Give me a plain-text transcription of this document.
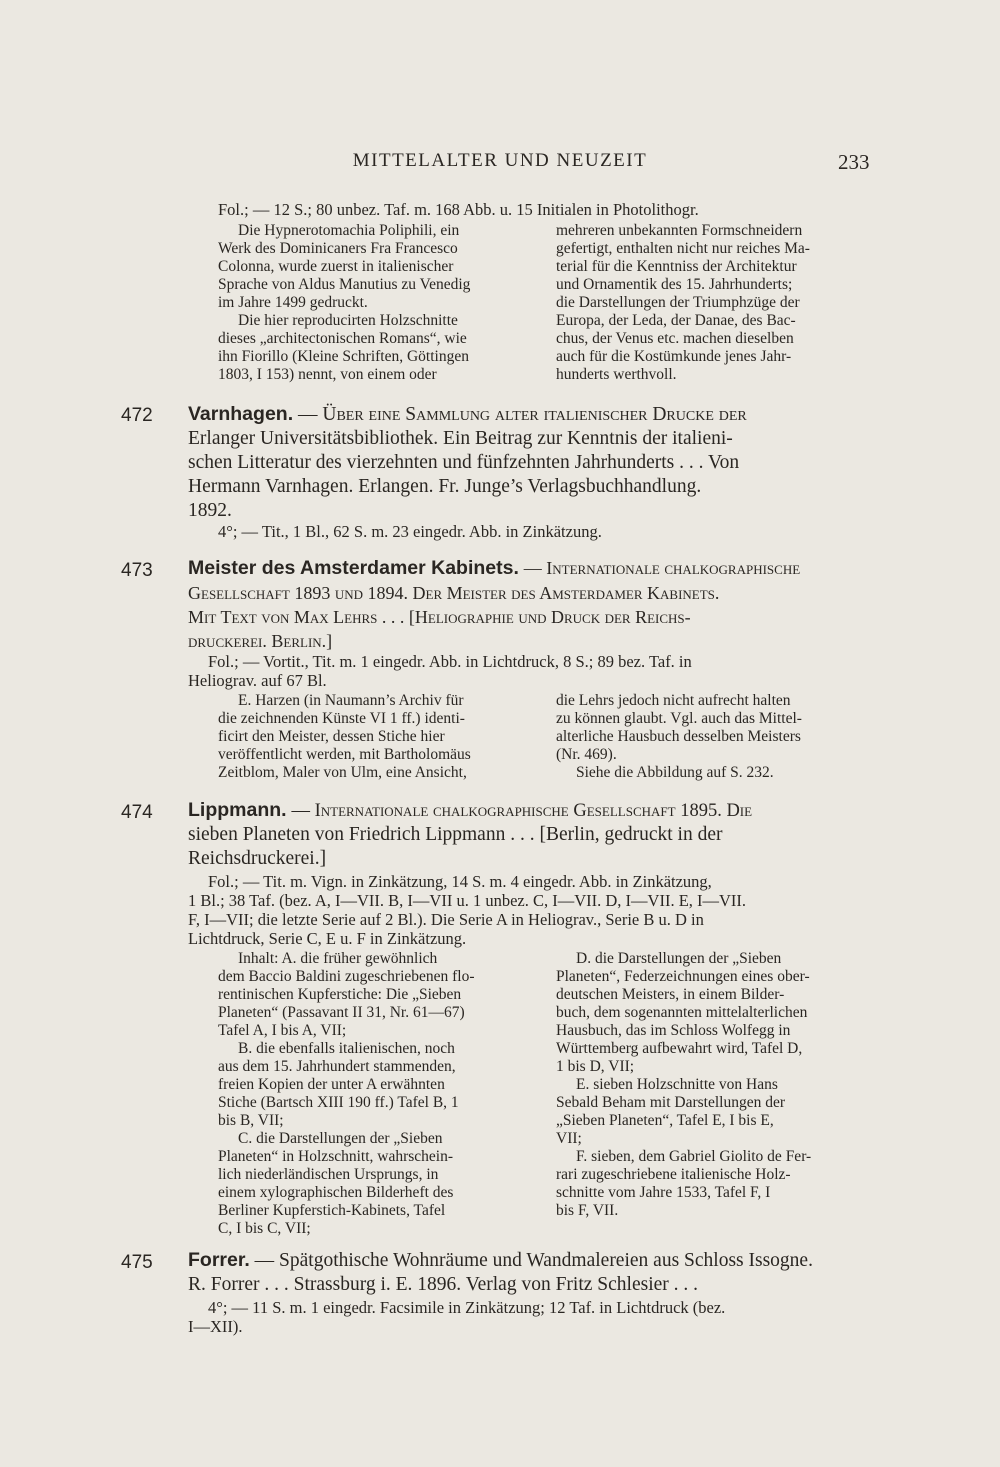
MITTELALTER UND NEUZEIT	233
Fol.; — 12 S.; 80 unbez. Taf. m. 168 Abb. u. 15 Initialen in Photolithogr.
Die Hypnerotomachia Poliphili, ein
Werk des Dominicaners Fra Francesco
Colonna, wurde zuerst in italienischer
Sprache von Aldus Manutius zu Venedig
im Jahre 1499 gedruckt.
Die hier reproducirten Holzschnitte
dieses „architectonischen Romans“, wie
ihn Fiorillo (Kleine Schriften, Göttingen
1803, I 153) nennt, von einem oder
mehreren unbekannten Formschneidern
gefertigt, enthalten nicht nur reiches Ma-
terial für die Kenntniss der Architektur
und Ornamentik des 15. Jahrhunderts;
die Darstellungen der Triumphzüge der
Europa, der Leda, der Danae, des Bac-
chus, der Venus etc. machen dieselben
auch für die Kostümkunde jenes Jahr-
hunderts werthvoll.
472 Varnhagen. — Über eine Sammlung alter italienischer Drucke der
Erlanger Universitätsbibliothek. Ein Beitrag zur Kenntnis der italieni-
schen Litteratur des vierzehnten und fünfzehnten Jahrhunderts . . . Von
Hermann Varnhagen. Erlangen. Fr. Junge’s Verlagsbuchhandlung.
1892.
4°; — Tit., 1 Bl., 62 S. m. 23 eingedr. Abb. in Zinkätzung.
473 Meister des Amsterdamer Kabinets. — Internationale chalkographische
Gesellschaft 1893 und 1894. Der Meister des Amsterdamer Kabinets.
Mit Text von Max Lehrs . . . [Heliographie und Druck der Reichs-
druckerei. Berlin.]
Fol.; — Vortit., Tit. m. 1 eingedr. Abb. in Lichtdruck, 8 S.; 89 bez. Taf. in
Heliograv. auf 67 Bl.
E. Harzen (in Naumann’s Archiv für
die zeichnenden Künste VI 1 ff.) identi-
ficirt den Meister, dessen Stiche hier
veröffentlicht werden, mit Bartholomäus
Zeitblom, Maler von Ulm, eine Ansicht,
die Lehrs jedoch nicht aufrecht halten
zu können glaubt. Vgl. auch das Mittel-
alterliche Hausbuch desselben Meisters
(Nr. 469).
Siehe die Abbildung auf S. 232.
474 Lippmann. — Internationale chalkographische Gesellschaft 1895. Die
sieben Planeten von Friedrich Lippmann . . . [Berlin, gedruckt in der
Reichsdruckerei.]
Fol.; — Tit. m. Vign. in Zinkätzung, 14 S. m. 4 eingedr. Abb. in Zinkätzung,
1 Bl.; 38 Taf. (bez. A, I—VII. B, I—VII u. 1 unbez. C, I—VII. D, I—VII. E, I—VII.
F, I—VII; die letzte Serie auf 2 Bl.). Die Serie A in Heliograv., Serie B u. D in
Lichtdruck, Serie C, E u. F in Zinkätzung.
Inhalt: A. die früher gewöhnlich
dem Baccio Baldini zugeschriebenen flo-
rentinischen Kupferstiche: Die „Sieben
Planeten“ (Passavant II 31, Nr. 61—67)
Tafel A, I bis A, VII;
B. die ebenfalls italienischen, noch
aus dem 15. Jahrhundert stammenden,
freien Kopien der unter A erwähnten
Stiche (Bartsch XIII 190 ff.) Tafel B, 1
bis B, VII;
C. die Darstellungen der „Sieben
Planeten“ in Holzschnitt, wahrschein-
lich niederländischen Ursprungs, in
einem xylographischen Bilderheft des
Berliner Kupferstich-Kabinets, Tafel
C, I bis C, VII;
D. die Darstellungen der „Sieben
Planeten“, Federzeichnungen eines ober-
deutschen Meisters, in einem Bilder-
buch, dem sogenannten mittelalterlichen
Hausbuch, das im Schloss Wolfegg in
Württemberg aufbewahrt wird, Tafel D,
1 bis D, VII;
E. sieben Holzschnitte von Hans
Sebald Beham mit Darstellungen der
„Sieben Planeten“, Tafel E, I bis E,
VII;
F. sieben, dem Gabriel Giolito de Fer-
rari zugeschriebene italienische Holz-
schnitte vom Jahre 1533, Tafel F, I
bis F, VII.
475 Forrer. — Spätgothische Wohnräume und Wandmalereien aus Schloss Issogne.
R. Forrer . . . Strassburg i. E. 1896. Verlag von Fritz Schlesier . . .
4°; — 11 S. m. 1 eingedr. Facsimile in Zinkätzung; 12 Taf. in Lichtdruck (bez.
I—XII).
